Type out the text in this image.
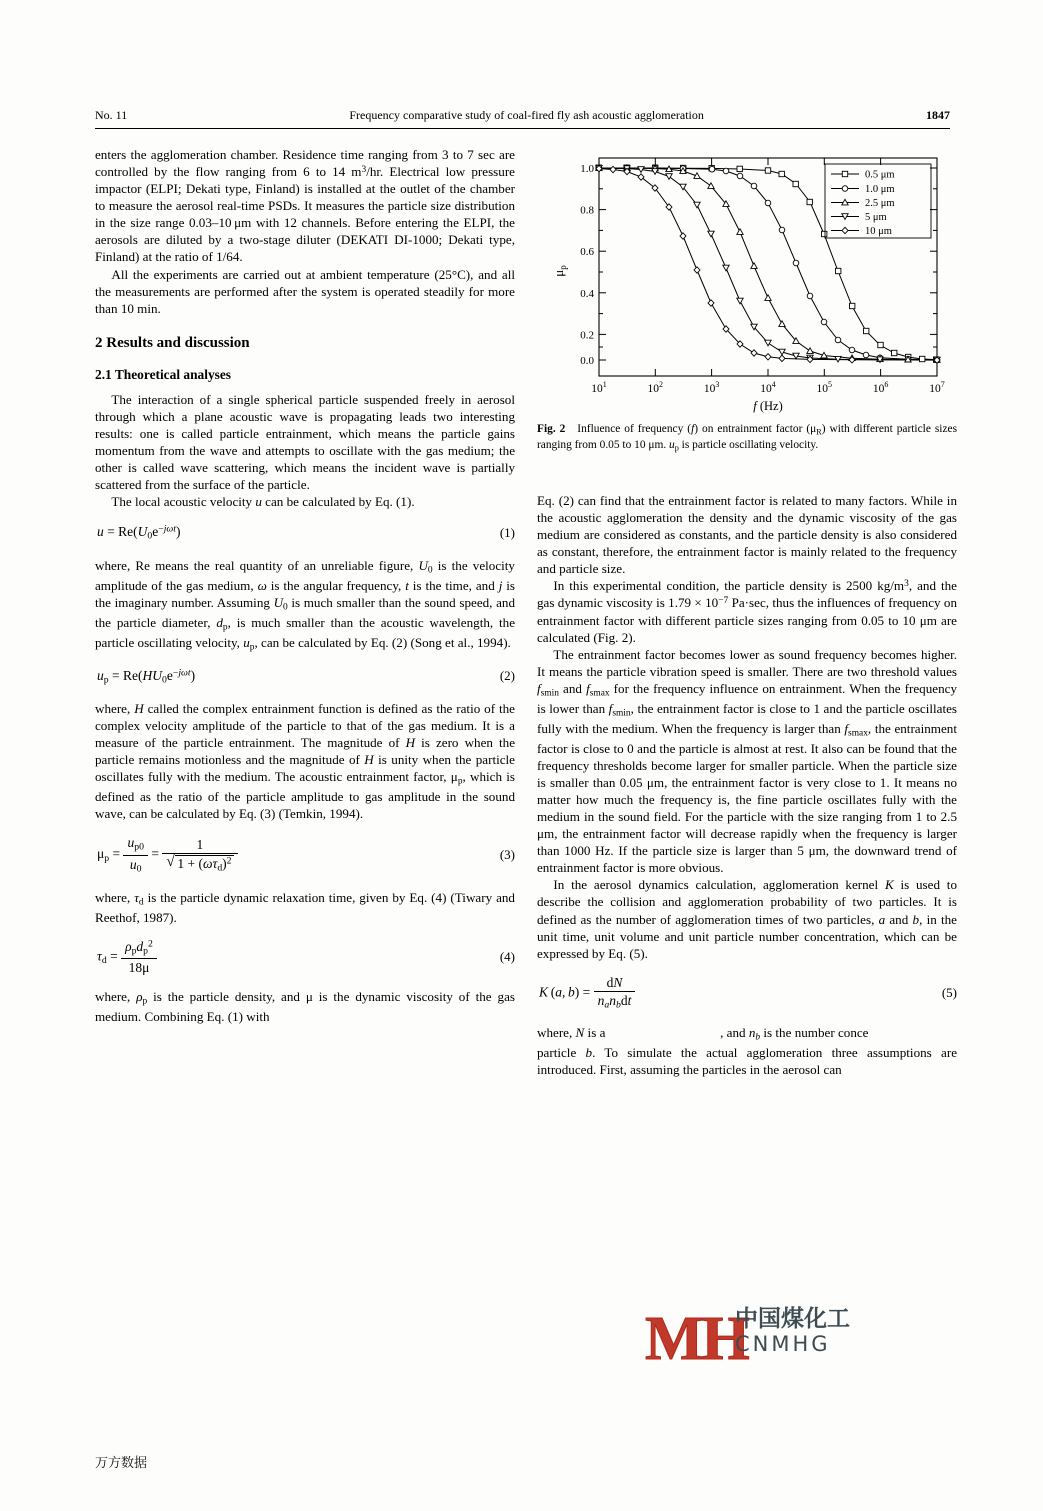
No. 11	Frequency comparative study of coal-fired fly ash acoustic agglomeration	1847

enters the agglomeration chamber. Residence time ranging from 3 to 7 sec are controlled by the flow ranging from 6 to 14 $m^3/hr$. Electrical low pressure impactor (ELPI; Dekati type, Finland) is installed at the outlet of the chamber to measure the aerosol real-time PSDs. It measures the particle size distribution in the size range 0.03–10 μm with 12 channels. Before entering the ELPI, the aerosols are diluted by a two-stage diluter (DEKATI DI-1000; Dekati type, Finland) at the ratio of 1/64.

All the experiments are carried out at ambient temperature (25°C), and all the measurements are performed after the system is operated steadily for more than 10 min.

2 Results and discussion
2.1 Theoretical analyses

The interaction of a single spherical particle suspended freely in aerosol through which a plane acoustic wave is propagating leads two interesting results: one is called particle entrainment, which means the particle gains momentum from the wave and attempts to oscillate with the gas medium; the other is called wave scattering, which means the incident wave is partially scattered from the surface of the particle.

The local acoustic velocity u can be calculated by Eq. (1).

$u = Re(U_0e^{-j\omega t})$	(1)

where, Re means the real quantity of an unreliable figure, $U_0$ is the velocity amplitude of the gas medium, ω is the angular frequency, t is the time, and j is the imaginary number. Assuming $U_0$ is much smaller than the sound speed, and the particle diameter, $d_p$, is much smaller than the acoustic wavelength, the particle oscillating velocity, $u_p$, can be calculated by Eq. (2) (Song et al., 1994).

$u_p = Re(HU_0e^{-j\omega t})$	(2)

where, H called the complex entrainment function is defined as the ratio of the complex velocity amplitude of the particle to that of the gas medium. It is a measure of the particle entrainment. The magnitude of H is zero when the particle remains motionless and the magnitude of H is unity when the particle oscillates fully with the medium. The acoustic entrainment factor, $\mu_p$, which is defined as the ratio of the particle amplitude to gas amplitude in the sound wave, can be calculated by Eq. (3) (Temkin, 1994).

$\mu_p = \frac{u_{p0}}{u_0} = 1$
√ $1 + (\omega\tau_d)^2$	(3)

where, $\tau_d$ is the particle dynamic relaxation time, given by Eq. (4) (Tiwary and Reethof, 1987).

$\tau_d = \frac{\rho_pd_p^2}{18\mu}$	(4)

where, $\rho_p$ is the particle density, and μ is the dynamic viscosity of the gas medium. Combining Eq. (1) with

1.0
0.8
0.6
0.4
0.2
0.0
$10^1$	$10^2$	$10^3$	$10^4$	$10^5$	$10^6$	$10^7$
f (Hz)
$\mu_p$
0.5 μm
1.0 μm
2.5 μm
5 μm
10 μm
Fig. 2   Influence of frequency (f) on entrainment factor $(\mu_R)$ with different particle sizes ranging from 0.05 to 10 μm. $u_p$ is particle oscillating velocity.

Eq. (2) can find that the entrainment factor is related to many factors. While in the acoustic agglomeration the density and the dynamic viscosity of the gas medium are considered as constants, and the particle density is also considered as constant, therefore, the entrainment factor is mainly related to the frequency and particle size.

In this experimental condition, the particle density is 2500 $kg/m^3$, and the gas dynamic viscosity is $1.79 \times 10^{-7}$ Pa·sec, thus the influences of frequency on entrainment factor with different particle sizes ranging from 0.05 to 10 μm are calculated (Fig. 2).

The entrainment factor becomes lower as sound frequency becomes higher. It means the particle vibration speed is smaller. There are two threshold values $f_{smin}$ and $f_{smax}$ for the frequency influence on entrainment. When the frequency is lower than $f_{smin}$, the entrainment factor is close to 1 and the particle oscillates fully with the medium. When the frequency is larger than $f_{smax}$, the entrainment factor is close to 0 and the particle is almost at rest. It also can be found that the frequency thresholds become larger for smaller particle. When the particle size is smaller than 0.05 μm, the entrainment factor is very close to 1. It means no matter how much the frequency is, the fine particle oscillates fully with the medium in the sound field. For the particle with the size ranging from 1 to 2.5 μm, the entrainment factor will decrease rapidly when the frequency is larger than 1000 Hz. If the particle size is larger than 5 μm, the downward trend of entrainment factor is more obvious.

In the aerosol dynamics calculation, agglomeration kernel K is used to describe the collision and agglomeration probability of two particles. It is defined as the number of agglomeration times of two particles, a and b, in the unit time, unit volume and unit particle number concentration, which can be expressed by Eq. (5).

K (a, $b) = \frac{dN}{n_an_bdt}$	(5)

where, N is a                                   , and $n_b$ is the number conce                            particle b. To simulate the actual agglomeration three assumptions are introduced. First, assuming the particles in the aerosol can

MH
中国煤化工
CNMHG
万方数据
